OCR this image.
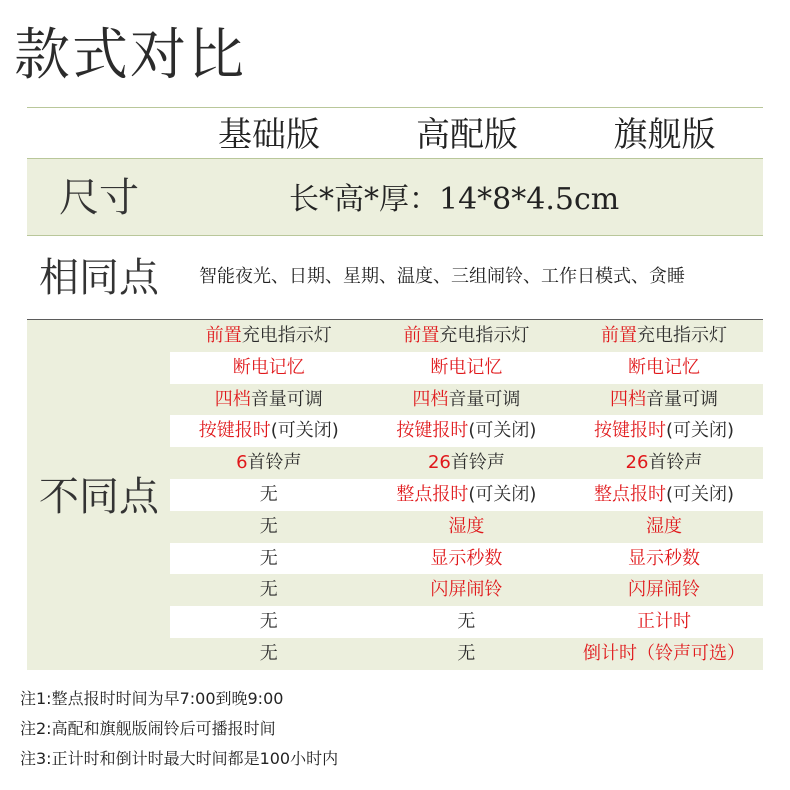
款式对比
基础版	高配版	旗舰版
尺寸	长*高*厚：14*8*4.5cm
相同点 智能夜光、日期、星期、温度、三组闹铃、工作日模式、贪睡
不同点
前置充电指示灯	前置充电指示灯	前置充电指示灯
断电记忆	断电记忆	断电记忆
四档音量可调	四档音量可调	四档音量可调
按键报时(可关闭)	按键报时(可关闭)	按键报时(可关闭)
6首铃声	26首铃声	26首铃声
无	整点报时(可关闭)	整点报时(可关闭)
无	湿度	湿度
无	显示秒数	显示秒数
无	闪屏闹铃	闪屏闹铃
无	无	正计时
无	无	倒计时（铃声可选）
注1:整点报时时间为早7:00到晚9:00
注2:高配和旗舰版闹铃后可播报时间
注3:正计时和倒计时最大时间都是100小时内
